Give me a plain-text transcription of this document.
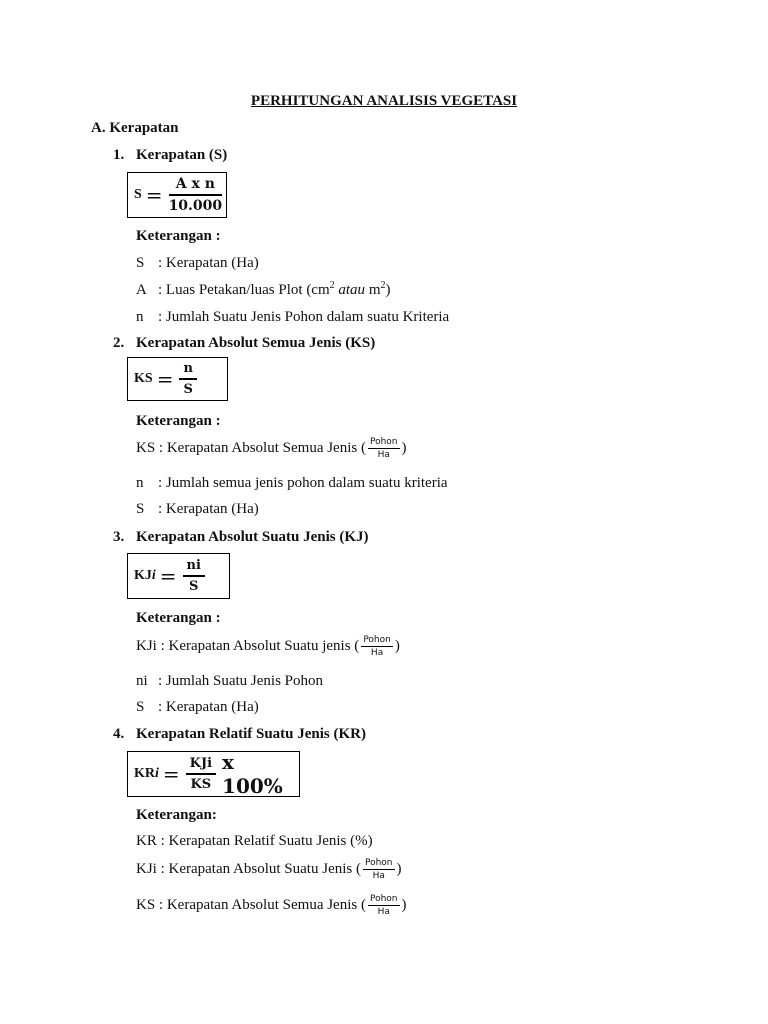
PERHITUNGAN ANALISIS VEGETASI
A. Kerapatan
1. Kerapatan (S)
$S = \frac{\text{A x n}}{10.000}$
Keterangan :
S : Kerapatan (Ha)
A : Luas Petakan/luas Plot ($cm^2$ atau $m^2$)
n : Jumlah Suatu Jenis Pohon dalam suatu Kriteria
2. Kerapatan Absolut Semua Jenis (KS)
KS = $\frac{n}{S}$
Keterangan :
KS : Kerapatan Absolut Semua Jenis ( Pohon
Ha )
n : Jumlah semua jenis pohon dalam suatu kriteria
S : Kerapatan (Ha)
3. Kerapatan Absolut Suatu Jenis (KJ)
KJi = $\frac{ni}{S}$
Keterangan :
KJi : Kerapatan Absolut Suatu jenis ( Pohon
Ha )
ni : Jumlah Suatu Jenis Pohon
S : Kerapatan (Ha)
4. Kerapatan Relatif Suatu Jenis (KR)
KRi = $\frac{\text{KJi}}{KS}$ x 100%
Keterangan:
KR : Kerapatan Relatif Suatu Jenis (%)
KJi : Kerapatan Absolut Suatu Jenis ( Pohon
Ha )
KS : Kerapatan Absolut Semua Jenis ( Pohon
Ha )
